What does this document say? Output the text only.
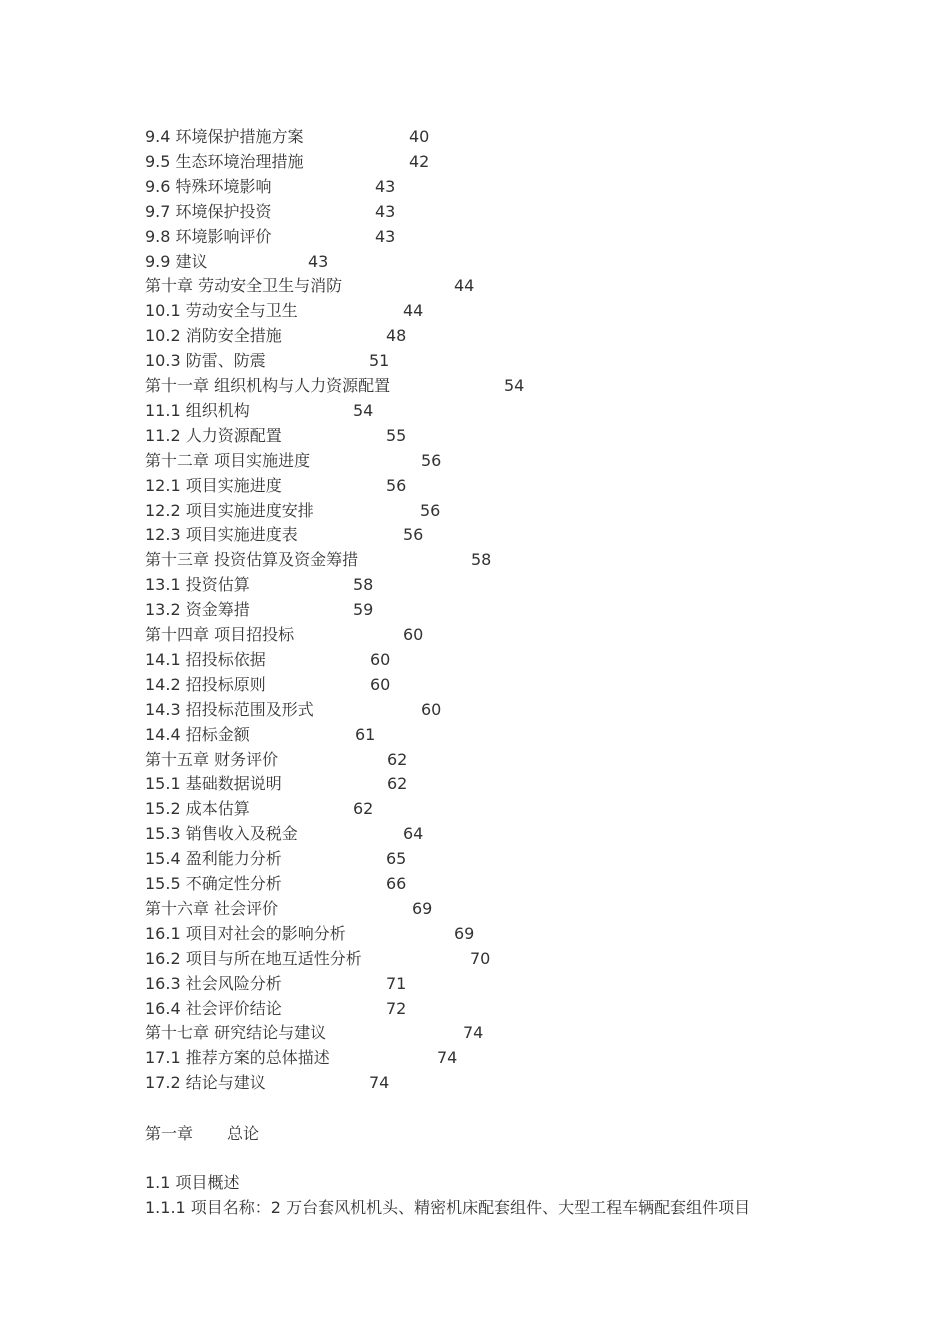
9.4 环境保护措施方案	40
9.5 生态环境治理措施	42
9.6 特殊环境影响	43
9.7 环境保护投资	43
9.8 环境影响评价	43
9.9 建议	43
第十章 劳动安全卫生与消防	44
10.1 劳动安全与卫生	44
10.2 消防安全措施	48
10.3 防雷、防震	51
第十一章 组织机构与人力资源配置	54
11.1 组织机构	54
11.2 人力资源配置	55
第十二章 项目实施进度	56
12.1 项目实施进度	56
12.2 项目实施进度安排	56
12.3 项目实施进度表	56
第十三章 投资估算及资金筹措	58
13.1 投资估算	58
13.2 资金筹措	59
第十四章 项目招投标	60
14.1 招投标依据	60
14.2 招投标原则	60
14.3 招投标范围及形式	60
14.4 招标金额	61
第十五章 财务评价	62
15.1 基础数据说明	62
15.2 成本估算	62
15.3 销售收入及税金	64
15.4 盈利能力分析	65
15.5 不确定性分析	66
第十六章 社会评价	69
16.1 项目对社会的影响分析	69
16.2 项目与所在地互适性分析	70
16.3 社会风险分析	71
16.4 社会评价结论	72
第十七章 研究结论与建议	74
17.1 推荐方案的总体描述	74
17.2 结论与建议	74
第一章 总论
1.1 项目概述
1.1.1 项目名称：2 万台套风机机头、精密机床配套组件、大型工程车辆配套组件项目
